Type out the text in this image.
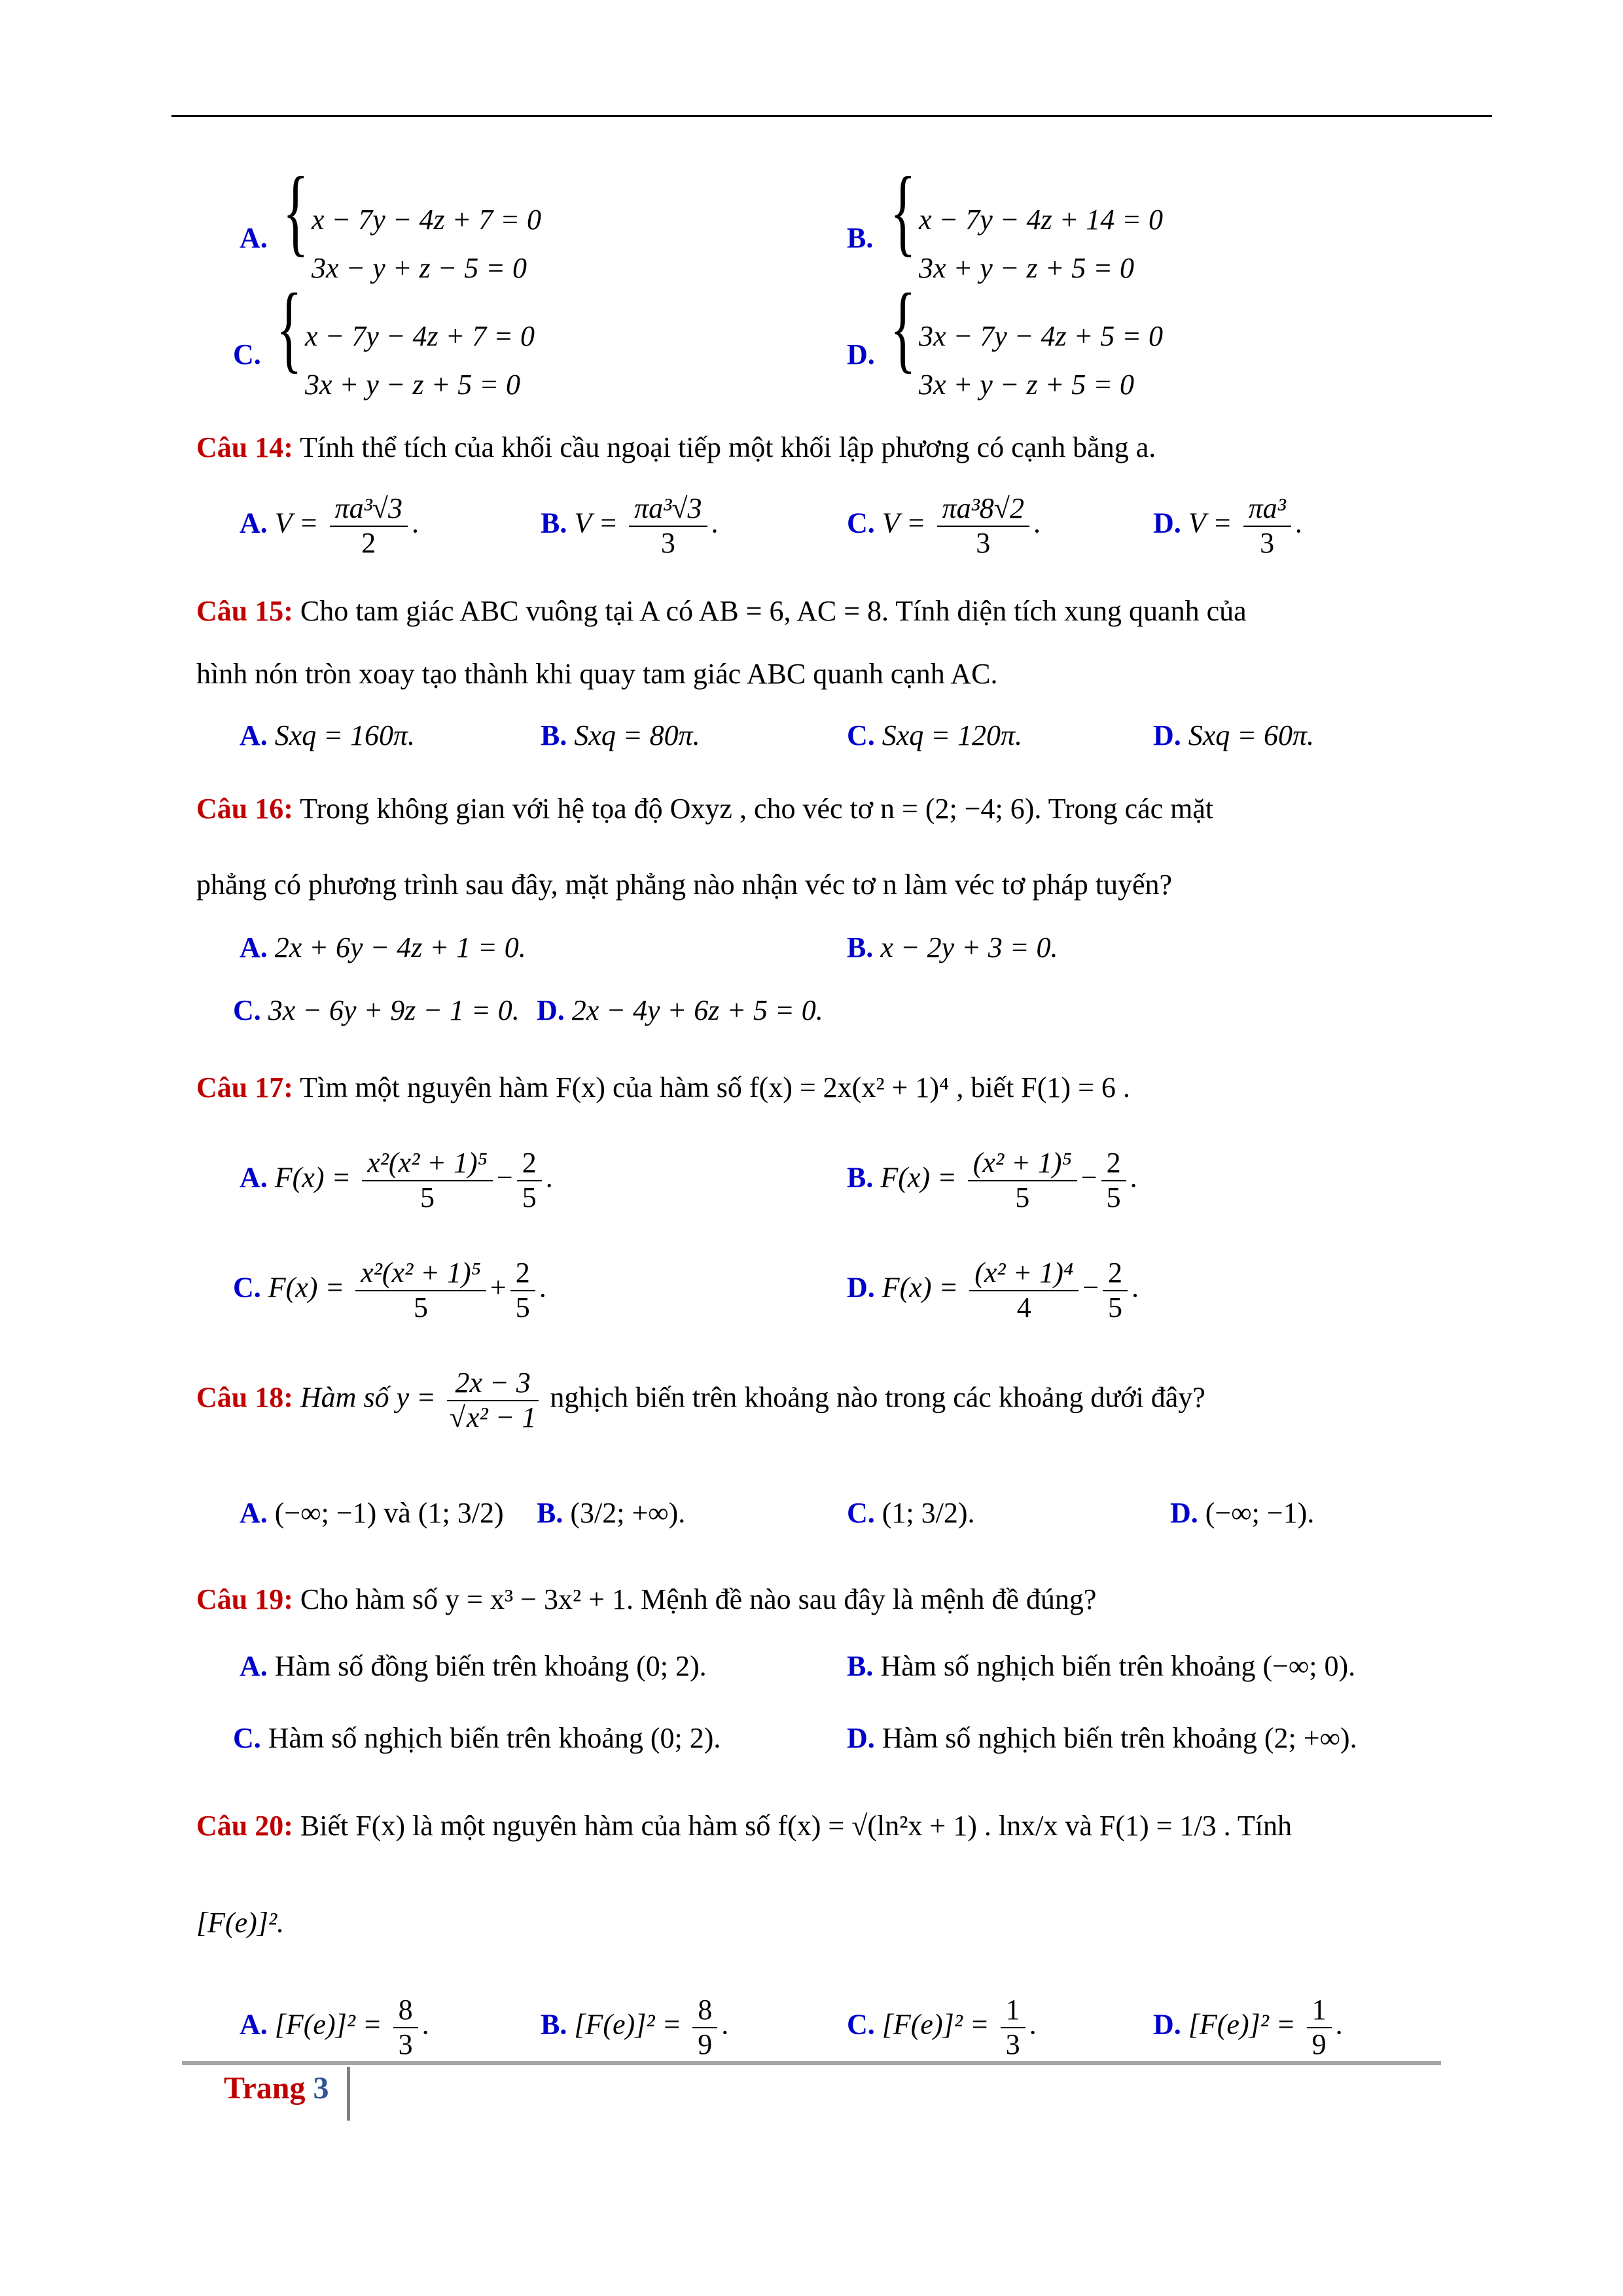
A. { x − 7y − 4z + 7 = 0
3x − y + z − 5 = 0
B. { x − 7y − 4z + 14 = 0
3x + y − z + 5 = 0
C. { x − 7y − 4z + 7 = 0
3x + y − z + 5 = 0
D. { 3x − 7y − 4z + 5 = 0
3x + y − z + 5 = 0
Câu 14: Tính thể tích của khối cầu ngoại tiếp một khối lập phương có cạnh bằng a.
A. $V = \frac{\text{πa³√3}}{2}$ .	B. $V = \frac{\text{πa³√3}}{3}$ .	C. $V = \frac{\text{πa³8√2}}{3}$ .	D. $V = \frac{\text{πa³}}{3}$ .
Câu 15: Cho tam giác ABC vuông tại A có AB = 6, AC = 8. Tính diện tích xung quanh của
hình nón tròn xoay tạo thành khi quay tam giác ABC quanh cạnh AC.
A. Sxq = 160π.	B. Sxq = 80π.	C. Sxq = 120π.	D. Sxq = 60π.
Câu 16: Trong không gian với hệ tọa độ Oxyz , cho véc tơ n = (2; −4; 6). Trong các mặt
phẳng có phương trình sau đây, mặt phẳng nào nhận véc tơ n làm véc tơ pháp tuyến?
A. 2x + 6y − 4z + 1 = 0.	B. x − 2y + 3 = 0.
C. 3x − 6y + 9z − 1 = 0. D. 2x − 4y + 6z + 5 = 0.
Câu 17: Tìm một nguyên hàm F(x) của hàm số f(x) = 2x(x² + 1)⁴ , biết F(1) = 6 .
A. $F(x) = \frac{\text{x²(x² + 1)⁵}}{5} - \frac{2}{5}$ .	B. $F(x) = \frac{\text{(x² + 1)⁵}}{5} - \frac{2}{5}$ .
C. $F(x) = \frac{\text{x²(x² + 1)⁵}}{5} + \frac{2}{5}$ .	D. $F(x) = \frac{\text{(x² + 1)⁴}}{4} - \frac{2}{5}$ .
Câu 18: Hàm số y = 2x − 3
√ x² − 1 nghịch biến trên khoảng nào trong các khoảng dưới đây?
A. (−∞; −1) và (1; 3/2) B. (3/2; +∞).	C. (1; 3/2).	D. (−∞; −1).
Câu 19: Cho hàm số y = x³ − 3x² + 1. Mệnh đề nào sau đây là mệnh đề đúng?
A. Hàm số đồng biến trên khoảng (0; 2).	B. Hàm số nghịch biến trên khoảng (−∞; 0).
C. Hàm số nghịch biến trên khoảng (0; 2).	D. Hàm số nghịch biến trên khoảng (2; +∞).
Câu 20: Biết F(x) là một nguyên hàm của hàm số f(x) = √(ln²x + 1) . lnx/x và F(1) = 1/3 . Tính
[F(e)]².
A. $[F(e)]^2 = \frac{8}{3}$ .	B. $[F(e)]^2 = \frac{8}{9}$ .	C. $[F(e)]^2 = \frac{1}{3}$ .	D. $[F(e)]^2 = \frac{1}{9}$ .
Trang 3
